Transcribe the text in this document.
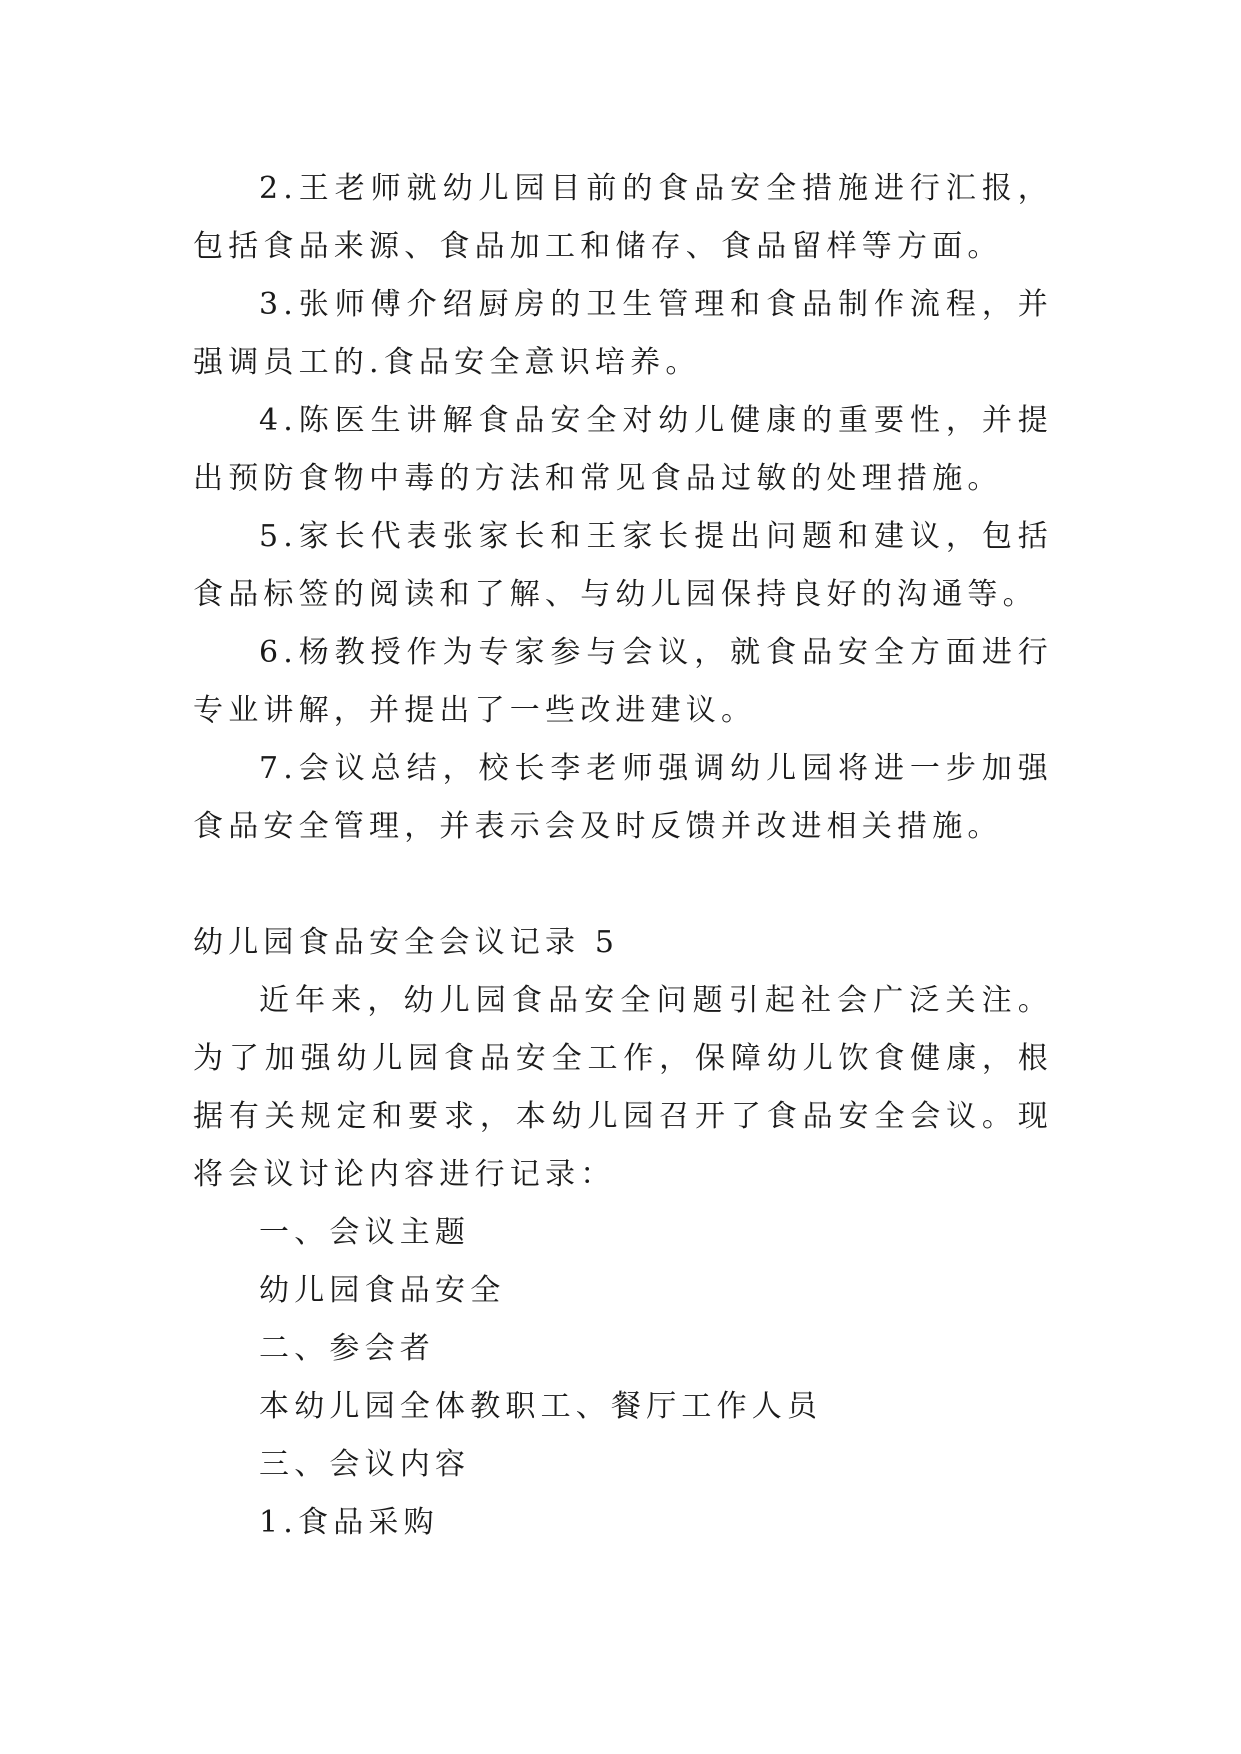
2.王老师就幼儿园目前的食品安全措施进行汇报，包括食品来源、食品加工和储存、食品留样等方面。

3.张师傅介绍厨房的卫生管理和食品制作流程，并强调员工的.食品安全意识培养。

4.陈医生讲解食品安全对幼儿健康的重要性，并提出预防食物中毒的方法和常见食品过敏的处理措施。

5.家长代表张家长和王家长提出问题和建议，包括食品标签的阅读和了解、与幼儿园保持良好的沟通等。

6.杨教授作为专家参与会议，就食品安全方面进行专业讲解，并提出了一些改进建议。

7.会议总结，校长李老师强调幼儿园将进一步加强食品安全管理，并表示会及时反馈并改进相关措施。

幼儿园食品安全会议记录 5

近年来，幼儿园食品安全问题引起社会广泛关注。为了加强幼儿园食品安全工作，保障幼儿饮食健康，根据有关规定和要求，本幼儿园召开了食品安全会议。现将会议讨论内容进行记录：

一、会议主题

幼儿园食品安全

二、参会者

本幼儿园全体教职工、餐厅工作人员

三、会议内容

1.食品采购
